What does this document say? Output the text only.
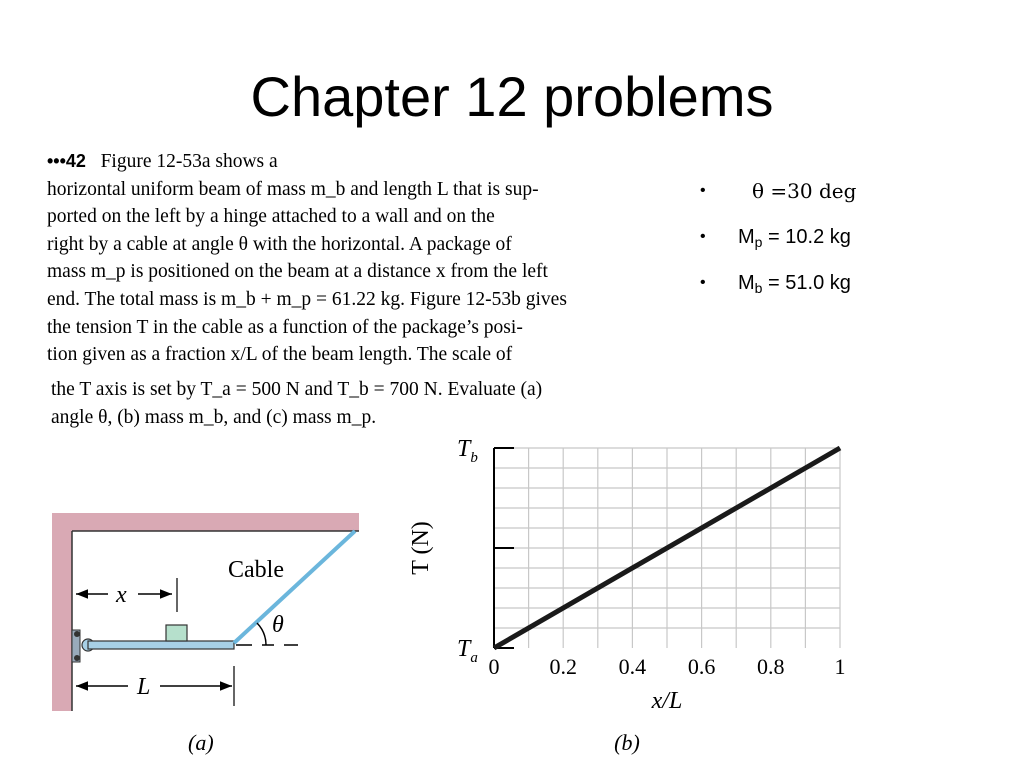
Chapter 12 problems

•••42 Figure 12-53a shows a

horizontal uniform beam of mass m_b and length L that is sup-

ported on the left by a hinge attached to a wall and on the

right by a cable at angle θ with the horizontal. A package of

mass m_p is positioned on the beam at a distance x from the left

end. The total mass is m_b + m_p = 61.22 kg. Figure 12-53b gives

the tension T in the cable as a function of the package’s posi-

tion given as a fraction x/L of the beam length. The scale of

the T axis is set by T_a = 500 N and T_b = 700 N. Evaluate (a)

angle θ, (b) mass m_b, and (c) mass m_p.

•	θ =30 deg
• $M_p = 10.2$ kg
• $M_b = 51.0$ kg
Cable
θ
x
L
(a)
0 0.2 0.4 0.6 0.8 1
$T_a$
$T_b$
T (N)
x/L
(b)
